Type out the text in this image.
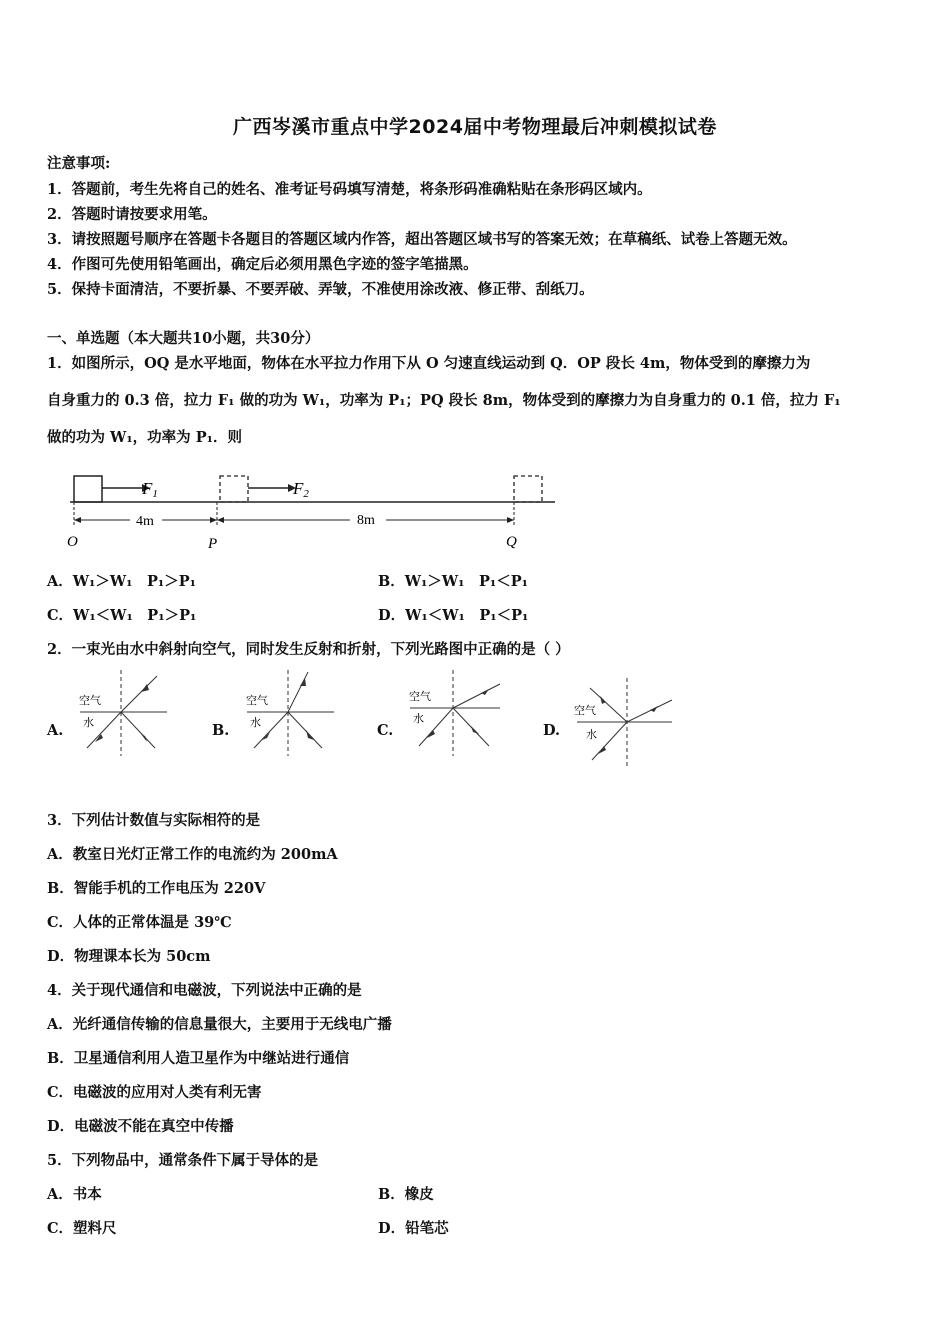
广西岑溪市重点中学2024届中考物理最后冲刺模拟试卷
注意事项:
1．答题前，考生先将自己的姓名、准考证号码填写清楚，将条形码准确粘贴在条形码区域内。
2．答题时请按要求用笔。
3．请按照题号顺序在答题卡各题目的答题区域内作答，超出答题区域书写的答案无效；在草稿纸、试卷上答题无效。
4．作图可先使用铅笔画出，确定后必须用黑色字迹的签字笔描黑。
5．保持卡面清洁，不要折暴、不要弄破、弄皱，不准使用涂改液、修正带、刮纸刀。
一、单选题（本大题共10小题，共30分）
1．如图所示，OQ 是水平地面，物体在水平拉力作用下从 O 匀速直线运动到 Q．OP 段长 4m，物体受到的摩擦力为
自身重力的 0.3 倍，拉力 F₁ 做的功为 W₁，功率为 P₁；PQ 段长 8m，物体受到的摩擦力为自身重力的 0.1 倍，拉力 F₁
做的功为 W₁，功率为 P₁．则
F1	F2
4m	8m
O	P	Q
A．W₁＞W₁　P₁＞P₁	B．W₁＞W₁　P₁＜P₁
C．W₁＜W₁　P₁＞P₁	D．W₁＜W₁　P₁＜P₁
2．一束光由水中斜射向空气，同时发生反射和折射，下列光路图中正确的是（ ）
A.
空气
水	B.
空气
水	C.
空气
水
D.
空气
水
3．下列估计数值与实际相符的是
A．教室日光灯正常工作的电流约为 200mA
B．智能手机的工作电压为 220V
C．人体的正常体温是 39℃
D．物理课本长为 50cm
4．关于现代通信和电磁波，下列说法中正确的是
A．光纤通信传输的信息量很大，主要用于无线电广播
B．卫星通信利用人造卫星作为中继站进行通信
C．电磁波的应用对人类有利无害
D．电磁波不能在真空中传播
5．下列物品中，通常条件下属于导体的是
A．书本	B．橡皮
C．塑料尺	D．铅笔芯
